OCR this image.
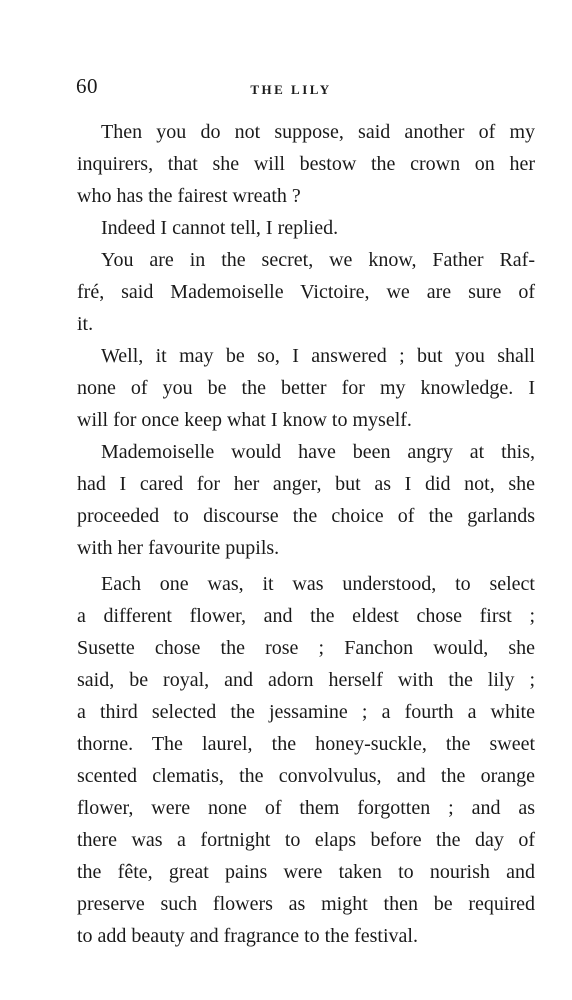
60	THE LILY
Then you do not suppose, said another of my
inquirers, that she will bestow the crown on her
who has the fairest wreath ?
Indeed I cannot tell, I replied.
You are in the secret, we know, Father Raf-
fré, said Mademoiselle Victoire, we are sure of
it.
Well, it may be so, I answered ; but you shall
none of you be the better for my knowledge. I
will for once keep what I know to myself.
Mademoiselle would have been angry at this,
had I cared for her anger, but as I did not, she
proceeded to discourse the choice of the garlands
with her favourite pupils.
Each one was, it was understood, to select
a different flower, and the eldest chose first ;
Susette chose the rose ; Fanchon would, she
said, be royal, and adorn herself with the lily ;
a third selected the jessamine ; a fourth a white
thorne. The laurel, the honey-suckle, the sweet
scented clematis, the convolvulus, and the orange
flower, were none of them forgotten ; and as
there was a fortnight to elaps before the day of
the fête, great pains were taken to nourish and
preserve such flowers as might then be required
to add beauty and fragrance to the festival.
